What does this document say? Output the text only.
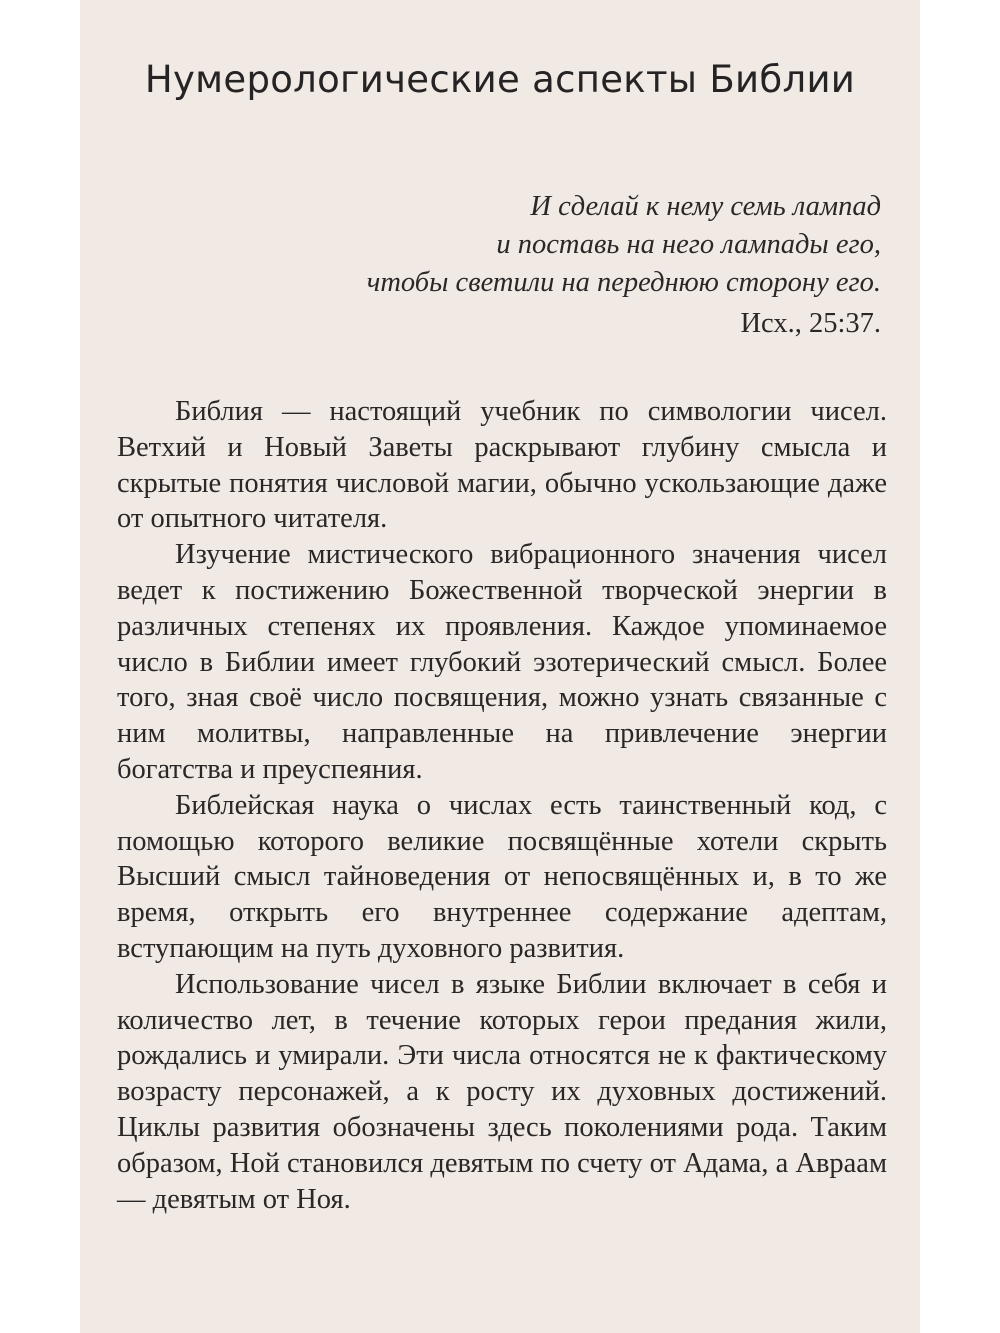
Нумерологические аспекты Библии
И сделай к нему семь лампад
и поставь на него лампады его,
чтобы светили на переднюю сторону его.
Исх., 25:37.

Библия — настоящий учебник по символогии чисел. Ветхий и Новый Заветы раскрывают глубину смысла и скрытые понятия числовой магии, обычно ускользающие даже от опытного читателя.

Изучение мистического вибрационного значения чисел ведет к постижению Божественной творческой энергии в различных степенях их проявления. Каждое упоминаемое число в Библии имеет глубокий эзотерический смысл. Более того, зная своё число посвящения, можно узнать связанные с ним молитвы, направленные на привлечение энергии богатства и преуспеяния.

Библейская наука о числах есть таинственный код, с помощью которого великие посвящённые хотели скрыть Высший смысл тайноведения от непосвящённых и, в то же время, открыть его внутреннее содержание адептам, вступающим на путь духовного развития.

Использование чисел в языке Библии включает в себя и количество лет, в течение которых герои предания жили, рождались и умирали. Эти числа относятся не к фактическому возрасту персонажей, а к росту их духовных достижений. Циклы развития обозначены здесь поколениями рода. Таким образом, Ной становился девятым по счету от Адама, а Авраам — девятым от Ноя.
